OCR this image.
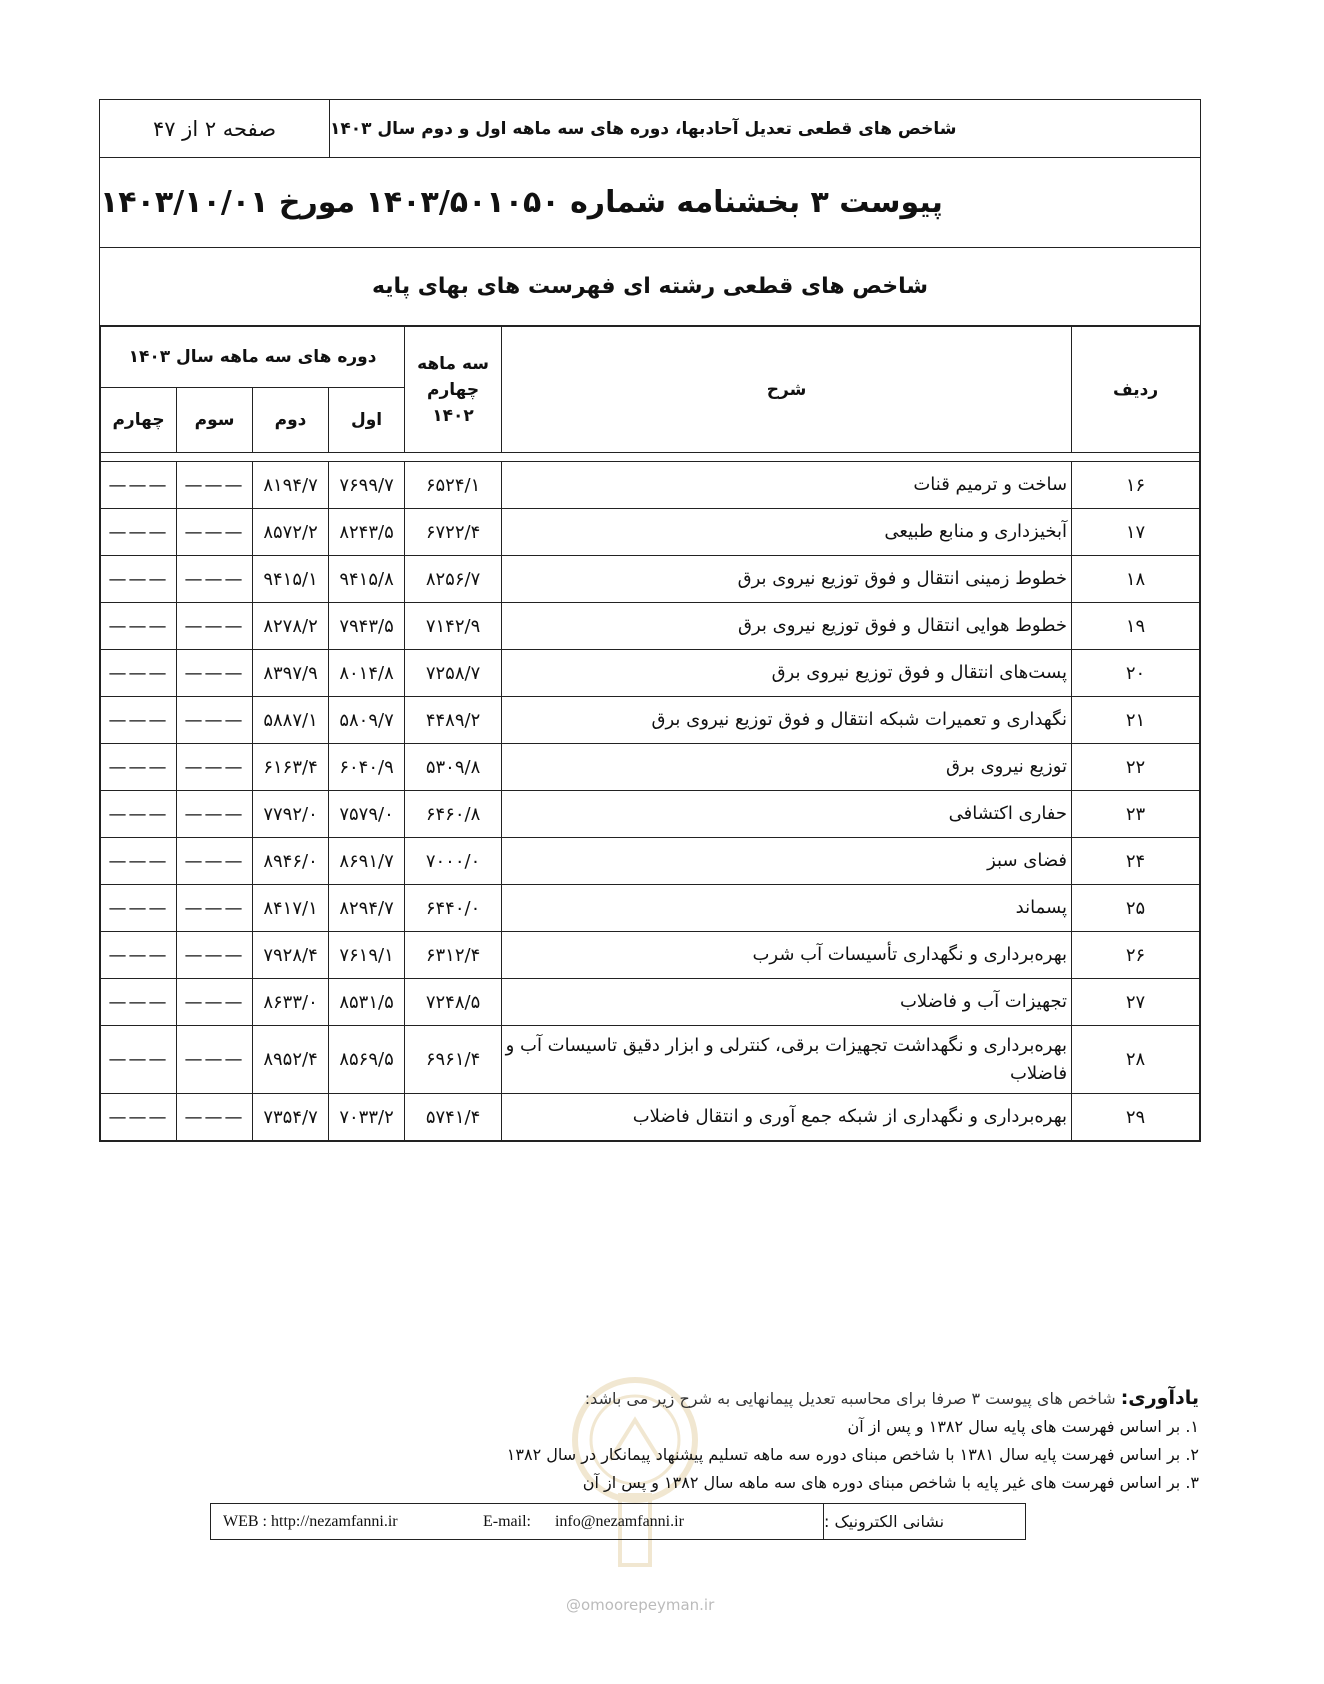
شاخص های قطعی تعدیل آحادبها، دوره های سه ماهه اول و دوم سال ۱۴۰۳
صفحه ۲ از ۴۷
پیوست ۳ بخشنامه شماره ۱۴۰۳/۵۰۱۰۵۰ مورخ ۱۴۰۳/۱۰/۰۱
شاخص های قطعی رشته ای فهرست های بهای پایه
ردیف	شرح	سه ماهه چهارم ۱۴۰۲	دوره های سه ماهه سال ۱۴۰۳			
			اول	دوم	سوم	چهارم

۱۶	ساخت و ترمیم قنات	۶۵۲۴/۱	۷۶۹۹/۷	۸۱۹۴/۷	———	———
۱۷	آبخیزداری و منابع طبیعی	۶۷۲۲/۴	۸۲۴۳/۵	۸۵۷۲/۲	———	———
۱۸	خطوط زمینی انتقال و فوق توزیع نیروی برق	۸۲۵۶/۷	۹۴۱۵/۸	۹۴۱۵/۱	———	———
۱۹	خطوط هوایی انتقال و فوق توزیع نیروی برق	۷۱۴۲/۹	۷۹۴۳/۵	۸۲۷۸/۲	———	———
۲۰	پست‌های انتقال و فوق توزیع نیروی برق	۷۲۵۸/۷	۸۰۱۴/۸	۸۳۹۷/۹	———	———
۲۱	نگهداری و تعمیرات شبکه انتقال و فوق توزیع نیروی برق	۴۴۸۹/۲	۵۸۰۹/۷	۵۸۸۷/۱	———	———
۲۲	توزیع نیروی برق	۵۳۰۹/۸	۶۰۴۰/۹	۶۱۶۳/۴	———	———
۲۳	حفاری اکتشافی	۶۴۶۰/۸	۷۵۷۹/۰	۷۷۹۲/۰	———	———
۲۴	فضای سبز	۷۰۰۰/۰	۸۶۹۱/۷	۸۹۴۶/۰	———	———
۲۵	پسماند	۶۴۴۰/۰	۸۲۹۴/۷	۸۴۱۷/۱	———	———
۲۶	بهره‌برداری و نگهداری تأسیسات آب شرب	۶۳۱۲/۴	۷۶۱۹/۱	۷۹۲۸/۴	———	———
۲۷	تجهیزات آب و فاضلاب	۷۲۴۸/۵	۸۵۳۱/۵	۸۶۳۳/۰	———	———
۲۸	بهره‌برداری و نگهداشت تجهیزات برقی، کنترلی و ابزار دقیق تاسیسات آب و فاضلاب	۶۹۶۱/۴	۸۵۶۹/۵	۸۹۵۲/۴	———	———
۲۹	بهره‌برداری و نگهداری از شبکه جمع آوری و انتقال فاضلاب	۵۷۴۱/۴	۷۰۳۳/۲	۷۳۵۴/۷	———	———
@omoorepeyman.ir
یادآوری: شاخص های پیوست ۳ صرفا برای محاسبه تعدیل پیمانهایی به شرح زیر می باشد:
۱. بر اساس فهرست های پایه سال ۱۳۸۲ و پس از آن
۲. بر اساس فهرست پایه سال ۱۳۸۱ با شاخص مبنای دوره سه ماهه تسلیم پیشنهاد پیمانکار در سال ۱۳۸۲
۳. بر اساس فهرست های غیر پایه با شاخص مبنای دوره های سه ماهه سال ۱۳۸۲ و پس از آن
WEB : http://nezamfanni.ir	E-mail: info@nezamfanni.ir	نشانی الکترونیک :
